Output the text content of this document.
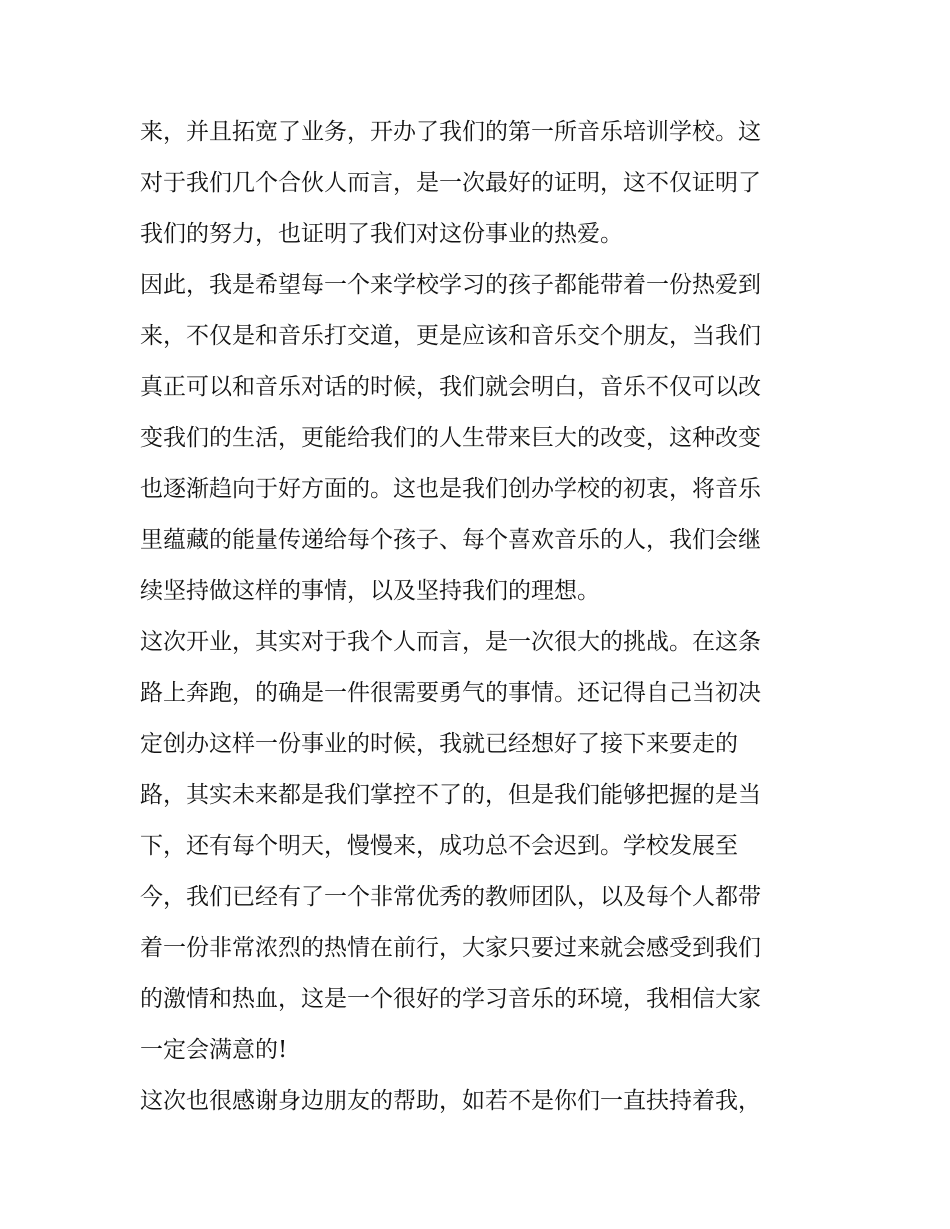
来，并且拓宽了业务，开办了我们的第一所音乐培训学校。这
对于我们几个合伙人而言，是一次最好的证明，这不仅证明了
我们的努力，也证明了我们对这份事业的热爱。
因此，我是希望每一个来学校学习的孩子都能带着一份热爱到
来，不仅是和音乐打交道，更是应该和音乐交个朋友，当我们
真正可以和音乐对话的时候，我们就会明白，音乐不仅可以改
变我们的生活，更能给我们的人生带来巨大的改变，这种改变
也逐渐趋向于好方面的。这也是我们创办学校的初衷，将音乐
里蕴藏的能量传递给每个孩子、每个喜欢音乐的人，我们会继
续坚持做这样的事情，以及坚持我们的理想。
这次开业，其实对于我个人而言，是一次很大的挑战。在这条
路上奔跑，的确是一件很需要勇气的事情。还记得自己当初决
定创办这样一份事业的时候，我就已经想好了接下来要走的
路，其实未来都是我们掌控不了的，但是我们能够把握的是当
下，还有每个明天，慢慢来，成功总不会迟到。学校发展至
今，我们已经有了一个非常优秀的教师团队，以及每个人都带
着一份非常浓烈的热情在前行，大家只要过来就会感受到我们
的激情和热血，这是一个很好的学习音乐的环境，我相信大家
一定会满意的!
这次也很感谢身边朋友的帮助，如若不是你们一直扶持着我，
